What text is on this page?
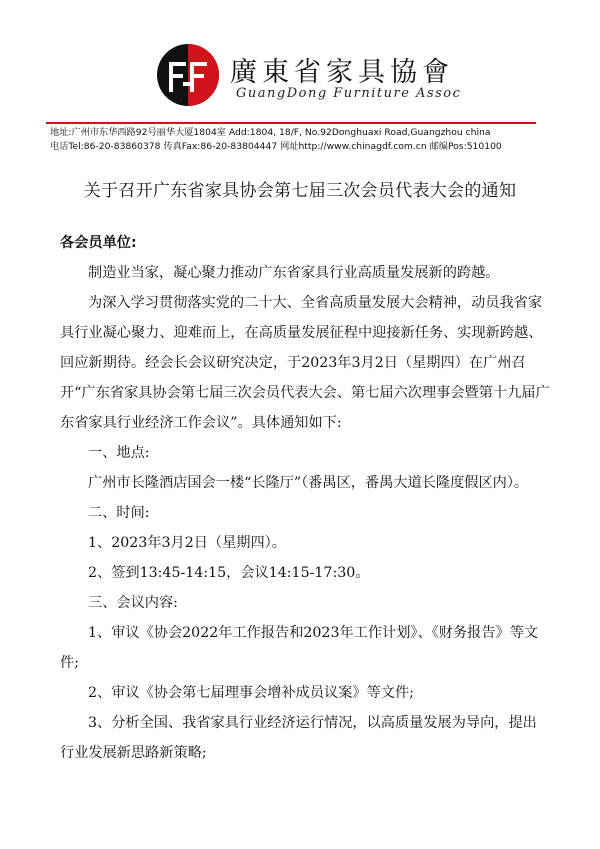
廣東省家具協會
GuangDong Furniture Assoc
地址:广州市东华西路92号丽华大厦1804室 Add:1804, 18/F, No.92Donghuaxi Road,Guangzhou china
电话Tel:86-20-83860378 传真Fax:86-20-83804447 网址http://www.chinagdf.com.cn 邮编Pos:510100
关于召开广东省家具协会第七届三次会员代表大会的通知

各会员单位:

制造业当家，凝心聚力推动广东省家具行业高质量发展新的跨越。

为深入学习贯彻落实党的二十大、全省高质量发展大会精神，动员我省家具行业凝心聚力、迎难而上，在高质量发展征程中迎接新任务、实现新跨越、回应新期待。经会长会议研究决定，于2023年3月2日（星期四）在广州召开“广东省家具协会第七届三次会员代表大会、第七届六次理事会暨第十九届广东省家具行业经济工作会议”。具体通知如下:

一、地点:

广州市长隆酒店国会一楼“长隆厅”（番禺区，番禺大道长隆度假区内）。

二、时间:

1、2023年3月2日（星期四）。

2、签到13:45-14:15，会议14:15-17:30。

三、会议内容:

1、审议《协会2022年工作报告和2023年工作计划》、《财务报告》等文件;

2、审议《协会第七届理事会增补成员议案》等文件;

3、分析全国、我省家具行业经济运行情况，以高质量发展为导向，提出行业发展新思路新策略;
